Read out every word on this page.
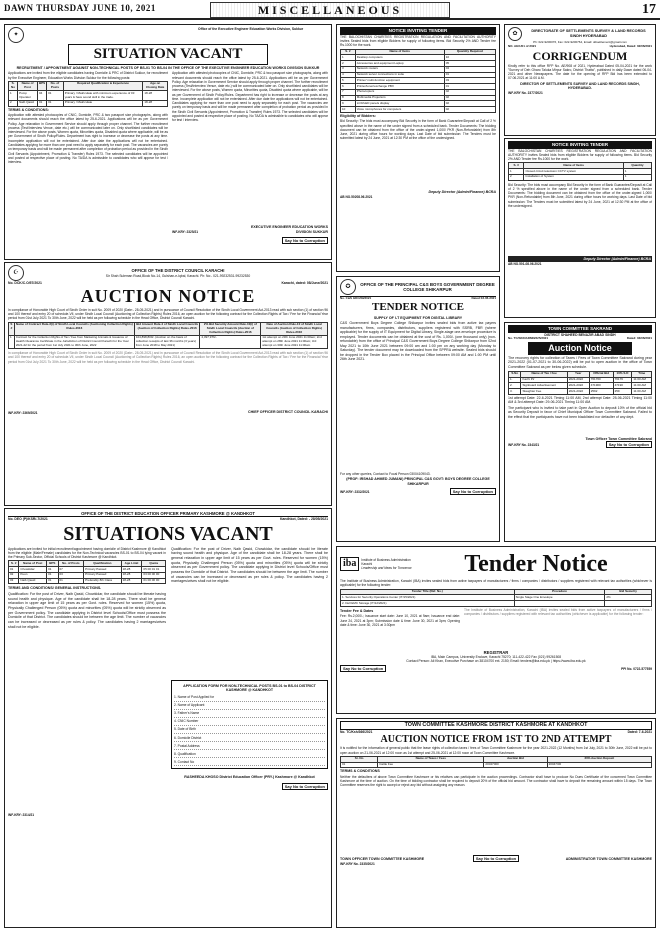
DAWN THURSDAY JUNE 10, 2021	MISCELLANEOUS	17
✦
Office of the Executive Engineer Education Works Division, Sukkur
SITUATION VACANT
RECRUITMENT / APPOINTMENT AGAINST NON-TECHNICAL POSTS OF BS-01 TO BS-04 IN THE OFFICE OF THE EXECUTIVE ENGINEER EDUCATION WORKS DIVISION SUKKUR

Applications are invited from the eligible candidates having Domicile & PRC of District Sukkur, for recruitment by the Executive Engineer, Education Works Division Sukkur for the following posts:

S. No	Name of Post	BPS	No. of Posts	Required Qualification & Experience	Age on Closing Date
1	Pump Operator	04	01	Primary / Matriculate with minimum experience of 03 years & have sound skill in the trade.	18-28
2	Naib Qasid	01	01	Primary / Matriculate	18-28
TERMS & CONDITIONS:

Application with attested photocopies of CNIC, Domicile, PRC & two passport size photographs, along with relevant documents should reach the office latest by 25-6-2021. Applications will be as per Government Policy. Age relaxation in Government Service should apply through proper channel. The further recruitment process (Test/Interview Venue, date etc.) will be communicated later on. Only shortlisted candidates will be interviewed. For the above posts, Women quota, Minorities quota, Disabled quota where applicable, will be as per Government of Sindh Policy/Rules. Department has right to increase or decrease the posts at any time. Incomplete application will not be entertained. After due date the applications will not be entertained. Candidates applying for more than one post need to apply separately for each post. The vacancies are purely on temporary basis and will be made permanent after completion of probation period as provided in the Sindh Civil Servants (Appointment, Promotion & Transfer) Rules 1973. The selected candidates will be appointed and posted at respective place of posting. No TA/DA is admissible to candidates who will appear for test / interview.

Application with attested photocopies of CNIC, Domicile, PRC & two passport size photographs, along with relevant documents should reach the office latest by 25-6-2021. Applications will be as per Government Policy. Age relaxation in Government Service should apply through proper channel. The further recruitment process (Test/Interview Venue, date etc.) will be communicated later on. Only shortlisted candidates will be interviewed. For the above posts, Women quota, Minorities quota, Disabled quota where applicable, will be as per Government of Sindh Policy/Rules. Department has right to increase or decrease the posts at any time. Incomplete application will not be entertained. After due date the applications will not be entertained. Candidates applying for more than one post need to apply separately for each post. The vacancies are purely on temporary basis and will be made permanent after completion of probation period as provided in the Sindh Civil Servants (Appointment, Promotion & Transfer) Rules 1973. The selected candidates will be appointed and posted at respective place of posting. No TA/DA is admissible to candidates who will appear for test / interview.

INF-KRY: 2325/21
EXECUTIVE ENGINEER EDUCATION WORKS DIVISION SUKKUR
Say No to Corruption
☪	OFFICE OF THE DISTRICT COUNCIL KARACHI
Sir Shah Suleman Road,Block No-14, Gulshan-e-Iqbal, Karachi. Ph: No:- 021-99232531-99232530
No. DCK/C.O/57/2021	Karachi, dated: 08/June/2021
AUCTION NOTICE

In compliance of Honorable High Court of Sindh Order in suit No. 2009 of 2020 (Date:- 28-05-2021) and in pursuance of Council Resolution of the Sindh Local Government Act-2013 read with sub section (1) of section 96 and 100 thereof and entry 20 of schedule-VII, under Sindh Local Council (Auctioning of Collection Rights) Rules 2016, an open auction for the following contract for the Collection Rights of Tax / Fee for the Financial Year period from 01st July 2021 To 30th June, 2022 will be held as per following schedule in the Head Office, District Council Karachi.

S #	Name of Contract Rule-3(i) of Sindh Local Councils (Auctioning Collection Rights) Rules-2016	Bid Amount Rule-4 of Sindh Local Councils (Auction of Collection Rights) Rules-2016	2% Bid Security Amount Rule-10(i) of Sindh Local Councils (Auction of Collection Rights) Rules-2016	Date of Auction Rule-10 of Sindh Local Councils (Auction of Collection Rights) Rules-2016
1	Contract for the Collection Rights of Tax / Fee from Marketing Animals & Issuance of Health Clearance Certificate in the Jurisdiction of District Council Karachi for the Year 2021-22 for the period from 1st July 2021 to 30th June, 2022	104,898,800/- (Auction on the basis of collection receipts of last 36 months (3 years) from June 2018 to May 2021)	2,097,976/-	1st attempt on 23th June 2021 11:00am; 2nd attempt on 28th June 2021 11:00am; 3rd attempt on 30th June 2021 11:00am

In compliance of Honorable High Court of Sindh Order in suit No. 2009 of 2020 (Date:- 28-05-2021) and in pursuance of Council Resolution of the Sindh Local Government Act-2013 read with sub section (1) of section 96 and 100 thereof and entry 20 of schedule-VII, under Sindh Local Council (Auctioning of Collection Rights) Rules 2016, an open auction for the following contract for the Collection Rights of Tax / Fee for the Financial Year period from 01st July 2021 To 30th June, 2022 will be held as per following schedule in the Head Office, District Council Karachi.

INF-KRY: 2369/2021	CHIEF OFFICER DISTRICT COUNCIL KARACHI
OFFICE OF THE DISTRICT EDUCATION OFFICER PRIMARY KASHMORE @ KANDHKOT
No. DEO (P)/KSR/-7/2021	Kandhkot, Dated: - 28/05/2021
SITUATIONS VACANT

Applications are invited for initial recruitment/appointment having domicile of District Kashmore @ Kandhkot from the eligible (Male/Female) candidates for the Non-Technical vacancies BS-01 to BS-04 lying vacant in the Primary Sub-Sector, Official Schools of District Kashmore @ Kandhkot.

S. #	Name of Post	BPS	No. of Posts	Qualification	Age Limit	Quota
01	Chowkidar	01	07	Primary Passed	18-28	05 00 01 01
02	Peon	01	03	Primary Passed	18-28	03 00 00 00
03	Naib Qasid	01	01	Preferably 8th Class	18-28	01 00 00 00
TERMS AND CONDITIONS/ GENERAL INSTRUCTIONS.

Qualification: For the post of Driver, Naib Qasid, Chowkidar, the candidate should be literate having sound health and physique. Age of the candidate shall be 18-28 years. There shall be general relaxation in upper age limit of 15 years as per Govt. rules. Reserved for women (15%) quota, Physically Challenged Person (05%) quota and minorities (05%) quota will be strictly observed as per Government policy. The candidate applying in District level Schools/Office must possess the Domicile of that District. The candidates should be between the age limit. The number of vacancies can be increased or decreased as per rules & policy. The candidates having 2 marriages/wives shall not be eligible.

INF-KRY: 2314/21

Qualification: For the post of Driver, Naib Qasid, Chowkidar, the candidate should be literate having sound health and physique. Age of the candidate shall be 18-28 years. There shall be general relaxation in upper age limit of 15 years as per Govt. rules. Reserved for women (15%) quota, Physically Challenged Person (05%) quota and minorities (05%) quota will be strictly observed as per Government policy. The candidate applying in District level Schools/Office must possess the Domicile of that District. The candidates should be between the age limit. The number of vacancies can be increased or decreased as per rules & policy. The candidates having 2 marriages/wives shall not be eligible.

APPLICATION FORM FOR NON-TECHNICAL POSTS BS-01 to BS-04 DISTRICT KASHMORE @ KANDHKOT
1. Name of Post Applied for
2. Name of Applicant
3. Father's Name
4. CNIC Number
5. Date of Birth
6. Domicile District
7. Postal Address
8. Qualification
9. Contact No
RASHEEDA KHOSO District Education Officer (PRY.) Kashmore @ Kandhkot
Say No to Corruption
NOTICE INVITING TENDER

THE BALOCHISTAN CHARITIES REGISTRATION REGULATION AND FACILITATION AUTHORITY invites Sealed bids from eligible Bidders for supply of following items. Bid Security 2% AND Tender fee Rs.1000 for the work.

S. #	Name of Items	Quantity Required
1	Desktop computers	10
2	Accessories and equipment Laptop	05
3	Network routers	04
4	Network server connections in suite	01
5	Printer/ multi-function equipment	03
6	Printer/toner/exchange PBX	01
7	Photocopiers	02
8	Multimedia Projectors	02
9	LCD/LED panels display	02
10	Voice microphones for computers	02
Eligibility of Bidders:

Bid Security: The bids must accompany Bid Security in the form of Bank Guarantee/Deposit at Call of 2 % specified above in the name of the under signed from a scheduled bank. Tender Documents: The bidding document can be obtained from the office of the under-signed 1,000/ PKR (Non-Refundable) from 8th June, 2021 during office hours for working days. Last Date of bid submission: The Tenders must be submitted latest by 24 June, 2021 at 12:30 PM at the office of the undersigned.

Deputy Director (Admin/Finance) BCRA
AB NO.50208.06.2021
✿	DIRECTORATE OF SETTLEMENTS SURVEY & LAND RECORDS SINDH HYDERABAD
Ph: 022-9200076, Fax: 022-9200764, Email: ddsettlement@gmail.com
NO. AE/1/01 of 2021	Hyderabad, Dated: 02/06/2021
CORRIGENDUM

Kindly refer to this office RFP No. AE/908 of 2021, Hyderabad Dated 05-04-2021 for the work "Survey of Deh Gharo Taluka Mirpur Sakro, District Thatta", published in daily Dawn dated 06-04-2021 and other Newspapers. The date for the opening of RFP Bid has been extended to 07.06.2021 at 11:00 A.M.

DIRECTOR OF SETTLEMENTS SURVEY AND LAND RECORDS SINDH, HYDERABAD.
INF-KRY No. 2377/2021
NOTICE INVITING TENDER

THE BALOCHISTAN CHARITIES REGISTRATION REGULATION AND FACILITATION AUTHORITY invites Sealed bids from eligible Bidders for supply of following items. Bid Security 2% AND Tender fee Rs.1000 for the work.

S. #	Name of Items	Quantity
1	Closed circuit television CCTV system	1
2	Installation of System	1

Bid Security: The bids must accompany Bid Security in the form of Bank Guarantee/Deposit at Call of 2 % specified above in the name of the under signed from a scheduled bank. Tender Documents: The bidding document can be obtained from the office of the under-signed 1,000/ PKR (Non-Refundable) from 8th June, 2021 during office hours for working days. Last Date of bid submission: The Tenders must be submitted latest by 24 June, 2021 at 12:30 PM at the office of the undersigned.

Deputy Director (Admin/Finance) BCRA
AB NO.501-08.06.2021
✪	OFFICE OF THE PRINCIPAL C&S BOYS GOVERNMENT DEGREE COLLEGE SHIKARPUR
No. C&S GDC/69/2021	Dated 03-06-2021
TENDER NOTICE
SUPPLY OF I-T EQUIPMENT FOR DIGITAL LIBRARY

C&S Government Boys Degree College Shikarpur invites sealed bids from active tax payers manufacturers, firms, companies, distributors, suppliers registered with SSRB, FBR (where applicable) for the supply of IT Equipment for Digital Library, Single-stage one-envelope procedure is employed. Tender documents can be obtained at the cost of Rs. 1,000/- (one thousand only) (non-refundable) from the office of Principal C&S Government Boys Degree College Shikarpur from 02nd May 2021 to 10th June 2021 between 09:00 am and 1:00 pm on any working day (Monday to Saturday). The tender document may be downloaded from the SPPRA website. Sealed bids should be dropped in the Tender Box placed in the Principal Office between 09:00 AM and 1:00 PM until 26th June 2021.

For any other queries, Contact to Focal Person 03004109043.

(PROF: IRSHAD AHMED JUMANI) PRINCIPAL C&S GOVT: BOYS DEGREE COLLEGE SHIKARPUR
INF-KRY: 2332/2021	Say No to Corruption
TOWN COMMITTEE SAKRAND
DISTRICT SHAHEED BENAZIR ABAD SINDH
No. TC/SKD/ADMN/225/2021	Dated: 03/06/2021
Auction Notice

The recovery rights for collection of Taxes / Fees of Town Committee Sakrand during year 2021-2022 (01-07-2021 to 30-06-2022) will be put to open auction in the office of Town Committee Sakrand as per below given schedule.

S.No	Name of Tax / Fee	Year	Official Bid	10% S.D	Time
1.	Kachi Pir	2021-2022	761760	76176	11:00 AM
2.	Signboard Advertisement	2021-2022	471900	47190	11:00 AM
3.	Slaughter Fee	2021-2022	2592	259	11:00 AM

1st attempt Date: 22-6-2021 Timing 11:00 AM, 2nd attempt Date: 25-06-2021 Timing 11:00 AM & 3rd attempt Date: 29-06-2021 Timing 11:00 AM.

The participant who is invited to take part in Open Auction to deposit 10% of the official bid as Security Deposit in favor of Chief Municipal Officer Town Committee Sakrand. Failed to the effect that the participants have not been blacklisted nor defaulter of any dept.

Town Officer Town Committee Sakrand
INF-KRY No. 2343/21	Say No to Corruption
iba	Institute of Business Administration Karachi
Leadership and Ideas for Tomorrow	Tender Notice

The Institute of Business Administration, Karachi (IBA) invites sealed bids from active taxpayers of manufacturers / firms / companies / distributors / suppliers registered with relevant tax authorities (whichever is applicable) for the following tender:

Tender Title (Ref. No.)	Procedure	Bid Security
1. Services for Security Operations Center (IT/15/2021)	Single Stage One Envelope	2%
2. Dell EMC Storage (IT/12/2021)		
Tender Fee & Dates

Fee: Rs.2,000/-; Issuance start date: June 10, 2021 at 9am; Issuance end date: June 24, 2021 at 3pm; Submission date & time: June 30, 2021 at 3pm; Opening date & time: June 30, 2021 at 3:30pm

The Institute of Business Administration, Karachi (IBA) invites sealed bids from active taxpayers of manufacturers / firms / companies / distributors / suppliers registered with relevant tax authorities (whichever is applicable) for the following tender:

REGISTRAR
IBA, Main Campus, University Enclave, Karachi 75270; 111-422-422 Fax (021) 99261508
Contact Person: Ali Khan, Executive Purchase on 38104700 ext. 2150; Email: tenders@iba.edu.pk | https://www.iba.edu.pk
Say No to Corruption	PPI No. 0722-577559
TOWN COMMITTEE KASHMORE DISTRICT KASHMORE AT KANDHKOT
No. TC/Ksh/366/2021	Dated: 7-6-2021
AUCTION NOTICE FROM 1ST TO 2ND ATTEMPT

It is notified for the information of general public that the lease rights of collection taxes / fees of Town Committee Kashmore for the year 2021-2022 (12 Months) from 1st July, 2021 to 30th June, 2022 will be put to open auction on 21-06-2021 at 12:00 noon as 1st attempt and 25-06-2021 at 12:00 noon at Town Committee Kashmore.

Sr. No	Name of Taxes / Fees	Auction Bid	20% Auction Deposit
01	Cattle Fee	20047000	20047/00
TERMS & CONDITIONS

Neither the defaulters of above Town Committee Kashmore or his relatives can participate in the auction proceedings. Contractor shall have to produce No Dues Certificate of the concerned Town Committee Kashmore at the time of auction. On the time of bidding contractor shall be required to deposit 20% of the official bid amount. The contractor shall have to deposit the remaining amount within 15 days. The Town Committee reserves the right to accept or reject any bid without assigning any reason.

TOWN OFFICER TOWN COMMITTEE KASHMORE	Say No to Corruption	ADMINISTRATOR TOWN COMMITTEE KASHMORE
INF-KRY No. 2335/2021
